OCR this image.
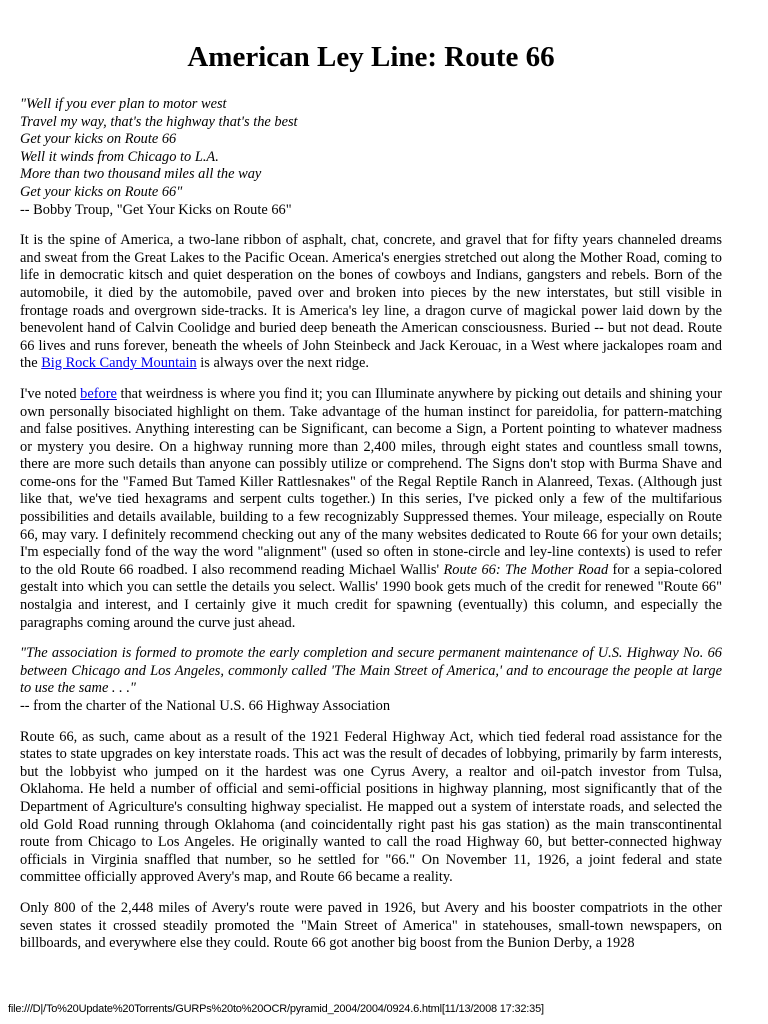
American Ley Line: Route 66

"Well if you ever plan to motor west

Travel my way, that's the highway that's the best

Get your kicks on Route 66

Well it winds from Chicago to L.A.

More than two thousand miles all the way

Get your kicks on Route 66"

-- Bobby Troup, "Get Your Kicks on Route 66"

It is the spine of America, a two-lane ribbon of asphalt, chat, concrete, and gravel that for fifty years channeled dreams and sweat from the Great Lakes to the Pacific Ocean. America's energies stretched out along the Mother Road, coming to life in democratic kitsch and quiet desperation on the bones of cowboys and Indians, gangsters and rebels. Born of the automobile, it died by the automobile, paved over and broken into pieces by the new interstates, but still visible in frontage roads and overgrown side-tracks. It is America's ley line, a dragon curve of magickal power laid down by the benevolent hand of Calvin Coolidge and buried deep beneath the American consciousness. Buried -- but not dead. Route 66 lives and runs forever, beneath the wheels of John Steinbeck and Jack Kerouac, in a West where jackalopes roam and the Big Rock Candy Mountain is always over the next ridge.

I've noted before that weirdness is where you find it; you can Illuminate anywhere by picking out details and shining your own personally bisociated highlight on them. Take advantage of the human instinct for pareidolia, for pattern-matching and false positives. Anything interesting can be Significant, can become a Sign, a Portent pointing to whatever madness or mystery you desire. On a highway running more than 2,400 miles, through eight states and countless small towns, there are more such details than anyone can possibly utilize or comprehend. The Signs don't stop with Burma Shave and come-ons for the "Famed But Tamed Killer Rattlesnakes" of the Regal Reptile Ranch in Alanreed, Texas. (Although just like that, we've tied hexagrams and serpent cults together.) In this series, I've picked only a few of the multifarious possibilities and details available, building to a few recognizably Suppressed themes. Your mileage, especially on Route 66, may vary. I definitely recommend checking out any of the many websites dedicated to Route 66 for your own details; I'm especially fond of the way the word "alignment" (used so often in stone-circle and ley-line contexts) is used to refer to the old Route 66 roadbed. I also recommend reading Michael Wallis' Route 66: The Mother Road for a sepia-colored gestalt into which you can settle the details you select. Wallis' 1990 book gets much of the credit for renewed "Route 66" nostalgia and interest, and I certainly give it much credit for spawning (eventually) this column, and especially the paragraphs coming around the curve just ahead.

"The association is formed to promote the early completion and secure permanent maintenance of U.S. Highway No. 66 between Chicago and Los Angeles, commonly called 'The Main Street of America,' and to encourage the people at large to use the same . . ."

-- from the charter of the National U.S. 66 Highway Association

Route 66, as such, came about as a result of the 1921 Federal Highway Act, which tied federal road assistance for the states to state upgrades on key interstate roads. This act was the result of decades of lobbying, primarily by farm interests, but the lobbyist who jumped on it the hardest was one Cyrus Avery, a realtor and oil-patch investor from Tulsa, Oklahoma. He held a number of official and semi-official positions in highway planning, most significantly that of the Department of Agriculture's consulting highway specialist. He mapped out a system of interstate roads, and selected the old Gold Road running through Oklahoma (and coincidentally right past his gas station) as the main transcontinental route from Chicago to Los Angeles. He originally wanted to call the road Highway 60, but better-connected highway officials in Virginia snaffled that number, so he settled for "66." On November 11, 1926, a joint federal and state committee officially approved Avery's map, and Route 66 became a reality.

Only 800 of the 2,448 miles of Avery's route were paved in 1926, but Avery and his booster compatriots in the other seven states it crossed steadily promoted the "Main Street of America" in statehouses, small-town newspapers, on billboards, and everywhere else they could. Route 66 got another big boost from the Bunion Derby, a 1928

file:///D|/To%20Update%20Torrents/GURPs%20to%20OCR/pyramid_2004/2004/0924.6.html[11/13/2008 17:32:35]
